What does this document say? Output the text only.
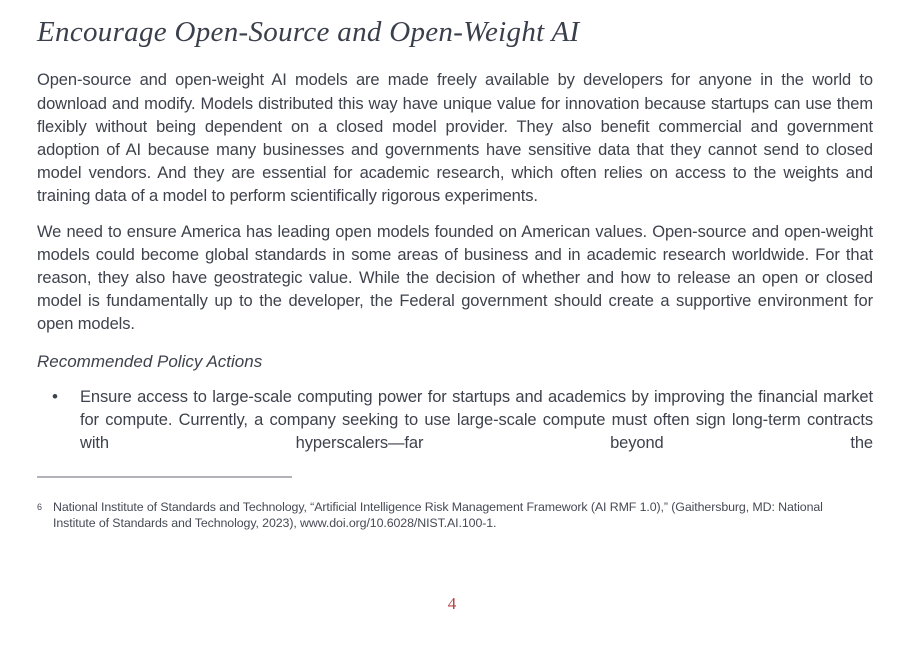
Encourage Open-Source and Open-Weight AI

Open-source and open-weight AI models are made freely available by developers for anyone in the world to download and modify. Models distributed this way have unique value for innovation because startups can use them flexibly without being dependent on a closed model provider. They also benefit commercial and government adoption of AI because many businesses and governments have sensitive data that they cannot send to closed model vendors. And they are essential for academic research, which often relies on access to the weights and training data of a model to perform scientifically rigorous experiments.

We need to ensure America has leading open models founded on American values. Open-source and open-weight models could become global standards in some areas of business and in academic research worldwide. For that reason, they also have geostrategic value. While the decision of whether and how to release an open or closed model is fundamentally up to the developer, the Federal government should create a supportive environment for open models.

Recommended Policy Actions
• Ensure access to large-scale computing power for startups and academics by improving the financial market for compute. Currently, a company seeking to use large-scale compute must often sign long-term contracts with hyperscalers—far beyond the
6 National Institute of Standards and Technology, “Artificial Intelligence Risk Management Framework (AI RMF 1.0),” (Gaithersburg, MD: National Institute of Standards and Technology, 2023), www.doi.org/10.6028/NIST.AI.100-1.
4
